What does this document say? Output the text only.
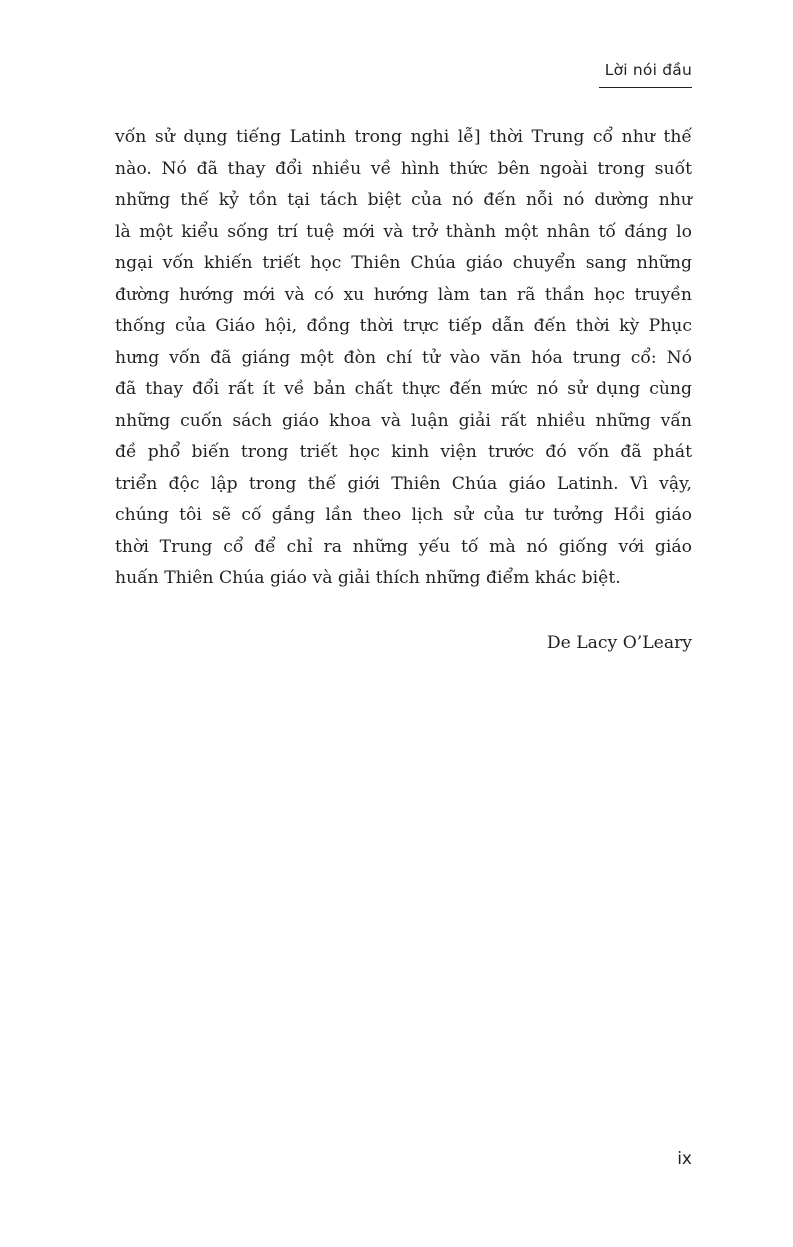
Lời nói đầu
vốn sử dụng tiếng Latinh trong nghi lễ] thời Trung cổ như thế
nào. Nó đã thay đổi nhiều về hình thức bên ngoài trong suốt
những thế kỷ tồn tại tách biệt của nó đến nỗi nó dường như
là một kiểu sống trí tuệ mới và trở thành một nhân tố đáng lo
ngại vốn khiến triết học Thiên Chúa giáo chuyển sang những
đường hướng mới và có xu hướng làm tan rã thần học truyền
thống của Giáo hội, đồng thời trực tiếp dẫn đến thời kỳ Phục
hưng vốn đã giáng một đòn chí tử vào văn hóa trung cổ: Nó
đã thay đổi rất ít về bản chất thực đến mức nó sử dụng cùng
những cuốn sách giáo khoa và luận giải rất nhiều những vấn
đề phổ biến trong triết học kinh viện trước đó vốn đã phát
triển độc lập trong thế giới Thiên Chúa giáo Latinh. Vì vậy,
chúng tôi sẽ cố gắng lần theo lịch sử của tư tưởng Hồi giáo
thời Trung cổ để chỉ ra những yếu tố mà nó giống với giáo
huấn Thiên Chúa giáo và giải thích những điểm khác biệt.
De Lacy O’Leary
ix
